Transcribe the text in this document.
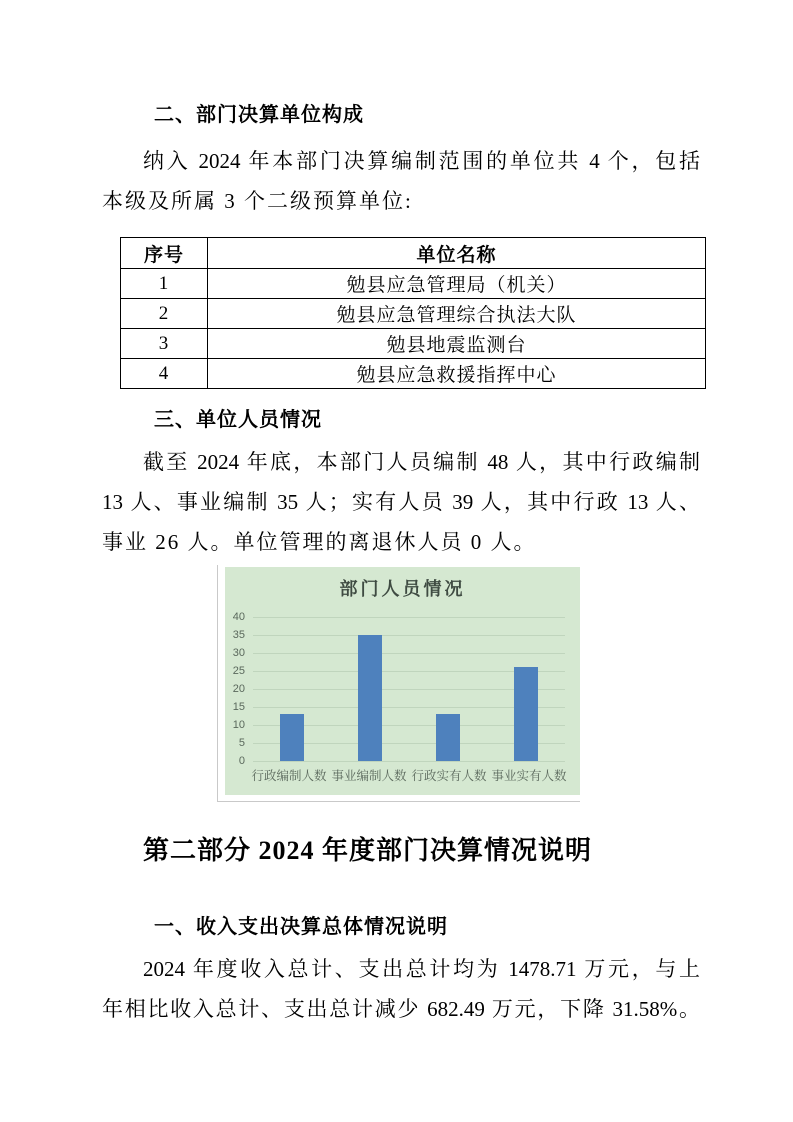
二、部门决算单位构成
纳入 2024 年本部门决算编制范围的单位共 4 个，包括
本级及所属 3 个二级预算单位:
序号	单位名称
1	勉县应急管理局（机关）
2	勉县应急管理综合执法大队
3	勉县地震监测台
4	勉县应急救援指挥中心
三、单位人员情况
截至 2024 年底，本部门人员编制 48 人，其中行政编制
13 人、事业编制 35 人；实有人员 39 人，其中行政 13 人、
事业 26 人。单位管理的离退休人员 0 人。
部门人员情况
0
5
10
15
20
25
30
35
40
行政编制人数 事业编制人数 行政实有人数 事业实有人数
第二部分 2024 年度部门决算情况说明
一、收入支出决算总体情况说明
2024 年度收入总计、支出总计均为 1478.71 万元，与上
年相比收入总计、支出总计减少 682.49 万元，下降 31.58%。
